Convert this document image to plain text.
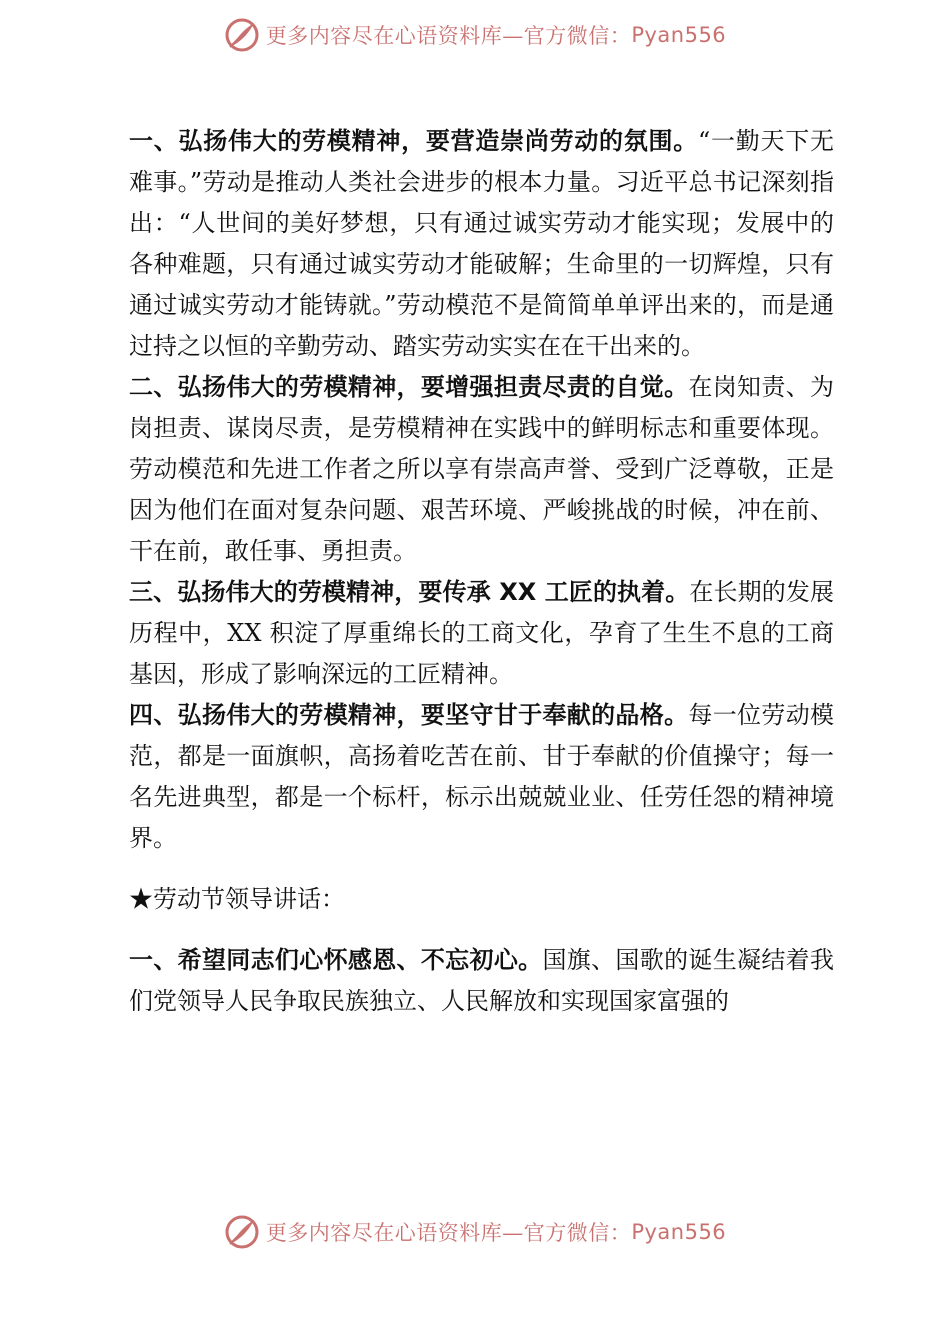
更多内容尽在心语资料库—官方微信： Pyan556

一、弘扬伟大的劳模精神，要营造崇尚劳动的氛围。“一勤天下无难事。”劳动是推动人类社会进步的根本力量。习近平总书记深刻指出：“人世间的美好梦想，只有通过诚实劳动才能实现；发展中的各种难题，只有通过诚实劳动才能破解；生命里的一切辉煌，只有通过诚实劳动才能铸就。”劳动模范不是简简单单评出来的，而是通过持之以恒的辛勤劳动、踏实劳动实实在在干出来的。

二、弘扬伟大的劳模精神，要增强担责尽责的自觉。在岗知责、为岗担责、谋岗尽责，是劳模精神在实践中的鲜明标志和重要体现。劳动模范和先进工作者之所以享有崇高声誉、受到广泛尊敬，正是因为他们在面对复杂问题、艰苦环境、严峻挑战的时候，冲在前、干在前，敢任事、勇担责。

三、弘扬伟大的劳模精神，要传承 XX 工匠的执着。在长期的发展历程中，XX 积淀了厚重绵长的工商文化，孕育了生生不息的工商基因，形成了影响深远的工匠精神。

四、弘扬伟大的劳模精神，要坚守甘于奉献的品格。每一位劳动模范，都是一面旗帜，高扬着吃苦在前、甘于奉献的价值操守；每一名先进典型，都是一个标杆，标示出兢兢业业、任劳任怨的精神境界。

★劳动节领导讲话：

一、希望同志们心怀感恩、不忘初心。国旗、国歌的诞生凝结着我们党领导人民争取民族独立、人民解放和实现国家富强的

更多内容尽在心语资料库—官方微信： Pyan556
